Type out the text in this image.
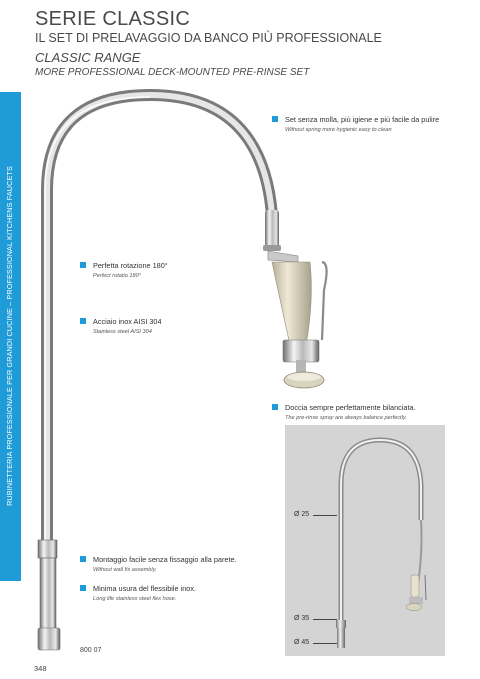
RUBINETTERIA PROFESSIONALE PER GRANDI CUCINE – PROFESSIONAL KITCHENS FAUCETS
SERIE CLASSIC
IL SET DI PRELAVAGGIO DA BANCO PIÙ PROFESSIONALE
CLASSIC RANGE
MORE PROFESSIONAL DECK-MOUNTED PRE-RINSE SET
Set senza molla, più igiene e più facile da pulire
Without spring more hygienic easy to clean
Perfetta rotazione 180°
Perfect rotatio 180°
Acciaio inox AISI 304
Stainless steel AISI 304
Doccia sempre perfettamente bilanciata.
The pre-rinse spray are always balance perfectly.
Montaggio facile senza fissaggio alla parete.
Without wall fix assembly.
Minima usura del flessibile inox.
Long life stainless steel flex hose.
Ø 25
Ø 35
Ø 45
800 07
348
